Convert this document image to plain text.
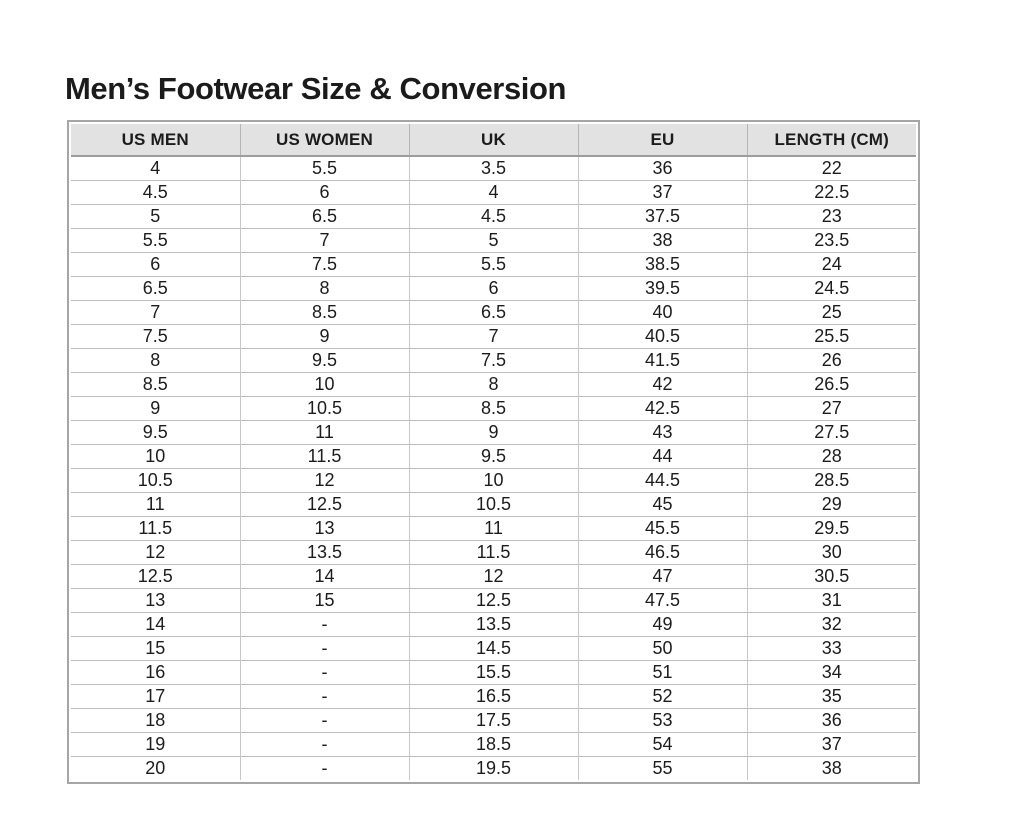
Men’s Footwear Size & Conversion
US MEN	US WOMEN	UK	EU	LENGTH (CM)
4	5.5	3.5	36	22
4.5	6	4	37	22.5
5	6.5	4.5	37.5	23
5.5	7	5	38	23.5
6	7.5	5.5	38.5	24
6.5	8	6	39.5	24.5
7	8.5	6.5	40	25
7.5	9	7	40.5	25.5
8	9.5	7.5	41.5	26
8.5	10	8	42	26.5
9	10.5	8.5	42.5	27
9.5	11	9	43	27.5
10	11.5	9.5	44	28
10.5	12	10	44.5	28.5
11	12.5	10.5	45	29
11.5	13	11	45.5	29.5
12	13.5	11.5	46.5	30
12.5	14	12	47	30.5
13	15	12.5	47.5	31
14	-	13.5	49	32
15	-	14.5	50	33
16	-	15.5	51	34
17	-	16.5	52	35
18	-	17.5	53	36
19	-	18.5	54	37
20	-	19.5	55	38
